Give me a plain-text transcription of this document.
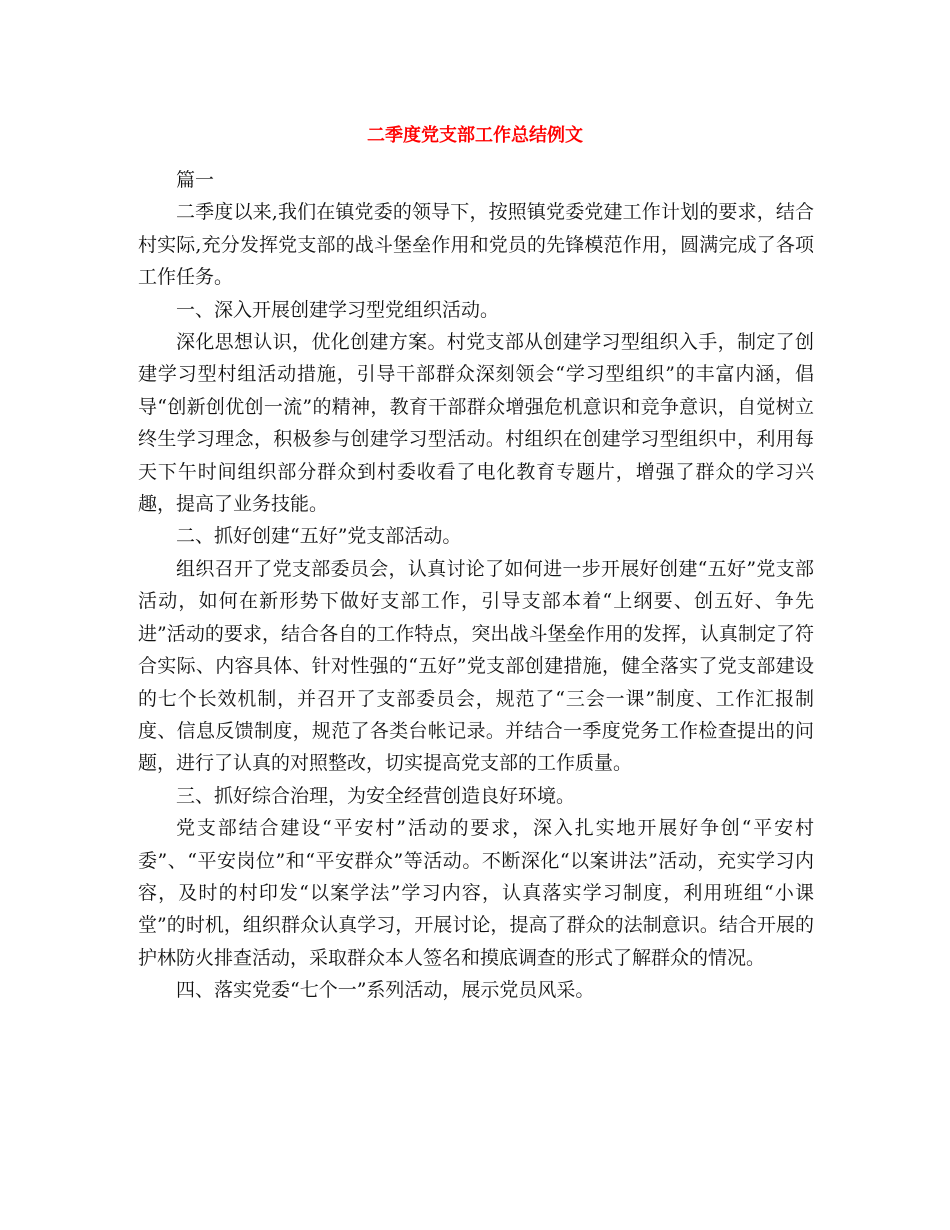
二季度党支部工作总结例文

篇一

二季度以来,我们在镇党委的领导下，按照镇党委党建工作计划的要求，结合村实际,充分发挥党支部的战斗堡垒作用和党员的先锋模范作用，圆满完成了各项工作任务。

一、深入开展创建学习型党组织活动。

深化思想认识，优化创建方案。村党支部从创建学习型组织入手，制定了创建学习型村组活动措施，引导干部群众深刻领会“学习型组织”的丰富内涵，倡导“创新创优创一流”的精神，教育干部群众增强危机意识和竞争意识，自觉树立终生学习理念，积极参与创建学习型活动。村组织在创建学习型组织中，利用每天下午时间组织部分群众到村委收看了电化教育专题片，增强了群众的学习兴趣，提高了业务技能。

二、抓好创建“五好”党支部活动。

组织召开了党支部委员会，认真讨论了如何进一步开展好创建“五好”党支部活动，如何在新形势下做好支部工作，引导支部本着“上纲要、创五好、争先进”活动的要求，结合各自的工作特点，突出战斗堡垒作用的发挥，认真制定了符合实际、内容具体、针对性强的“五好”党支部创建措施，健全落实了党支部建设的七个长效机制，并召开了支部委员会，规范了“三会一课”制度、工作汇报制度、信息反馈制度，规范了各类台帐记录。并结合一季度党务工作检查提出的问题，进行了认真的对照整改，切实提高党支部的工作质量。

三、抓好综合治理，为安全经营创造良好环境。

党支部结合建设“平安村”活动的要求，深入扎实地开展好争创“平安村委”、“平安岗位”和“平安群众”等活动。不断深化“以案讲法”活动，充实学习内容，及时的村印发“以案学法”学习内容，认真落实学习制度，利用班组“小课堂”的时机，组织群众认真学习，开展讨论，提高了群众的法制意识。结合开展的护林防火排查活动，采取群众本人签名和摸底调查的形式了解群众的情况。

四、落实党委“七个一”系列活动，展示党员风采。
